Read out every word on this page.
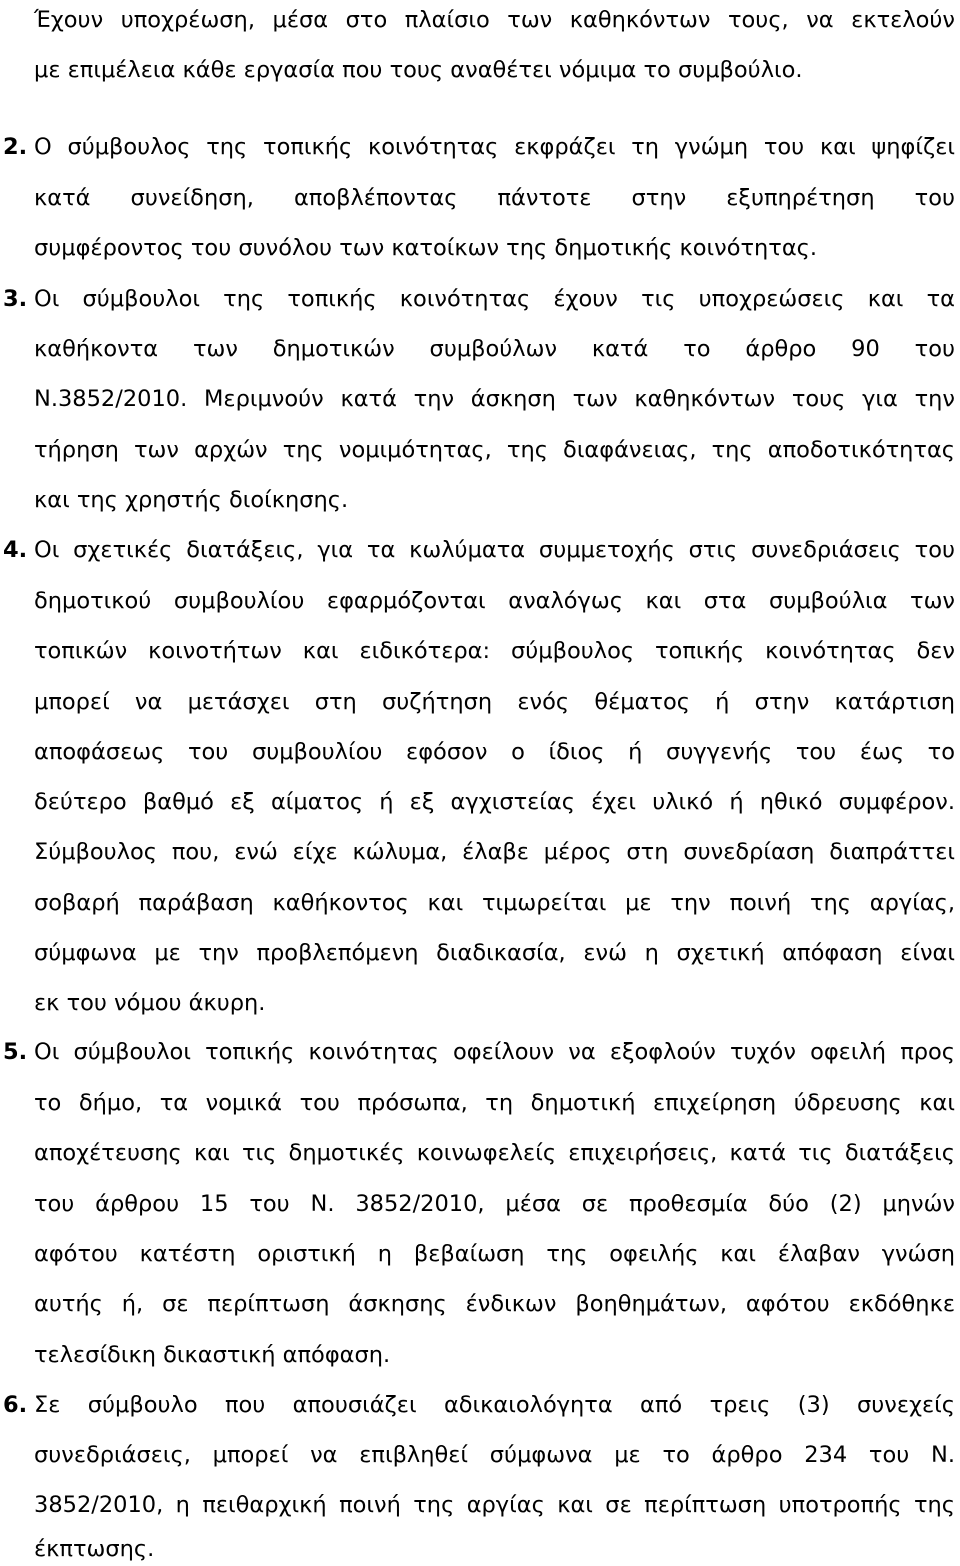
Έχουν υποχρέωση, μέσα στο πλαίσιο των καθηκόντων τους, να εκτελούν
με επιμέλεια κάθε εργασία που τους αναθέτει νόμιμα το συμβούλιο.
2. Ο σύμβουλος της τοπικής κοινότητας εκφράζει τη γνώμη του και ψηφίζει
κατά συνείδηση, αποβλέποντας πάντοτε στην εξυπηρέτηση του
συμφέροντος του συνόλου των κατοίκων της δημοτικής κοινότητας.
3. Οι σύμβουλοι της τοπικής κοινότητας έχουν τις υποχρεώσεις και τα
καθήκοντα των δημοτικών συμβούλων κατά το άρθρο 90 του
Ν.3852/2010. Μεριμνούν κατά την άσκηση των καθηκόντων τους για την
τήρηση των αρχών της νομιμότητας, της διαφάνειας, της αποδοτικότητας
και της χρηστής διοίκησης.
4. Οι σχετικές διατάξεις, για τα κωλύματα συμμετοχής στις συνεδριάσεις του
δημοτικού συμβουλίου εφαρμόζονται αναλόγως και στα συμβούλια των
τοπικών κοινοτήτων και ειδικότερα: σύμβουλος τοπικής κοινότητας δεν
μπορεί να μετάσχει στη συζήτηση ενός θέματος ή στην κατάρτιση
αποφάσεως του συμβουλίου εφόσον ο ίδιος ή συγγενής του έως το
δεύτερο βαθμό εξ αίματος ή εξ αγχιστείας έχει υλικό ή ηθικό συμφέρον.
Σύμβουλος που, ενώ είχε κώλυμα, έλαβε μέρος στη συνεδρίαση διαπράττει
σοβαρή παράβαση καθήκοντος και τιμωρείται με την ποινή της αργίας,
σύμφωνα με την προβλεπόμενη διαδικασία, ενώ η σχετική απόφαση είναι
εκ του νόμου άκυρη.
5. Οι σύμβουλοι τοπικής κοινότητας οφείλουν να εξοφλούν τυχόν οφειλή προς
το δήμο, τα νομικά του πρόσωπα, τη δημοτική επιχείρηση ύδρευσης και
αποχέτευσης και τις δημοτικές κοινωφελείς επιχειρήσεις, κατά τις διατάξεις
του άρθρου 15 του Ν. 3852/2010, μέσα σε προθεσμία δύο (2) μηνών
αφότου κατέστη οριστική η βεβαίωση της οφειλής και έλαβαν γνώση
αυτής ή, σε περίπτωση άσκησης ένδικων βοηθημάτων, αφότου εκδόθηκε
τελεσίδικη δικαστική απόφαση.
6. Σε σύμβουλο που απουσιάζει αδικαιολόγητα από τρεις (3) συνεχείς
συνεδριάσεις, μπορεί να επιβληθεί σύμφωνα με το άρθρο 234 του Ν.
3852/2010, η πειθαρχική ποινή της αργίας και σε περίπτωση υποτροπής της
έκπτωσης.
